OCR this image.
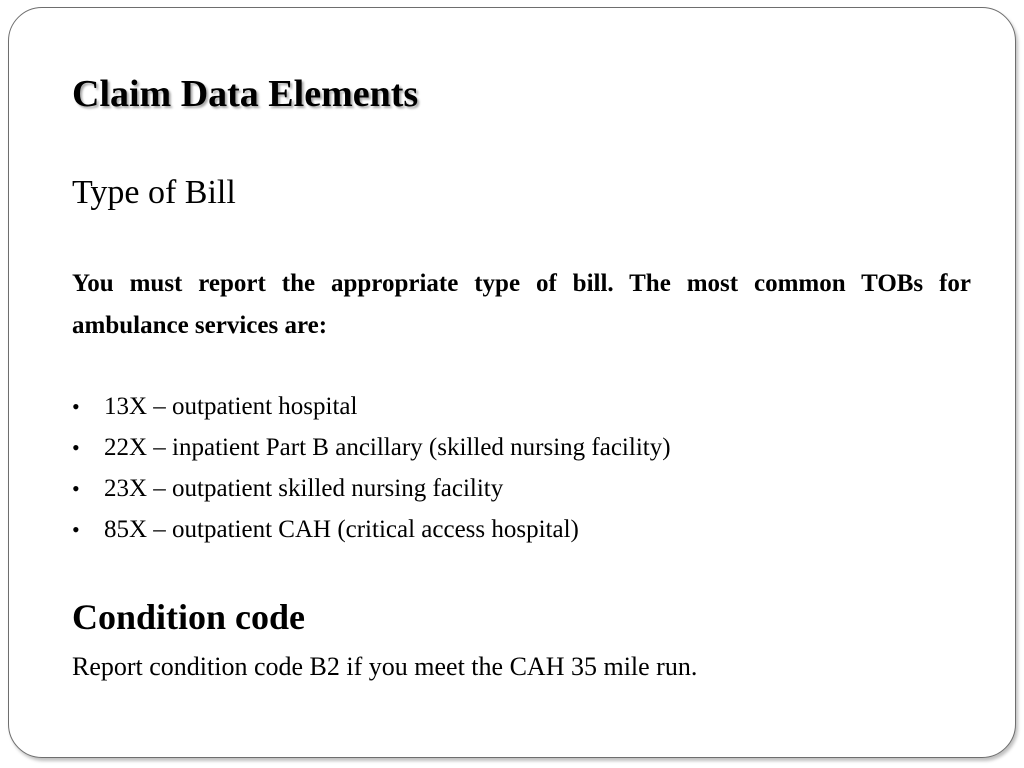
Claim Data Elements
Type of Bill

You must report the appropriate type of bill. The most common TOBs for ambulance services are:

• 13X – outpatient hospital
• 22X – inpatient Part B ancillary (skilled nursing facility)
• 23X – outpatient skilled nursing facility
• 85X – outpatient CAH (critical access hospital)
Condition code

Report condition code B2 if you meet the CAH 35 mile run.
